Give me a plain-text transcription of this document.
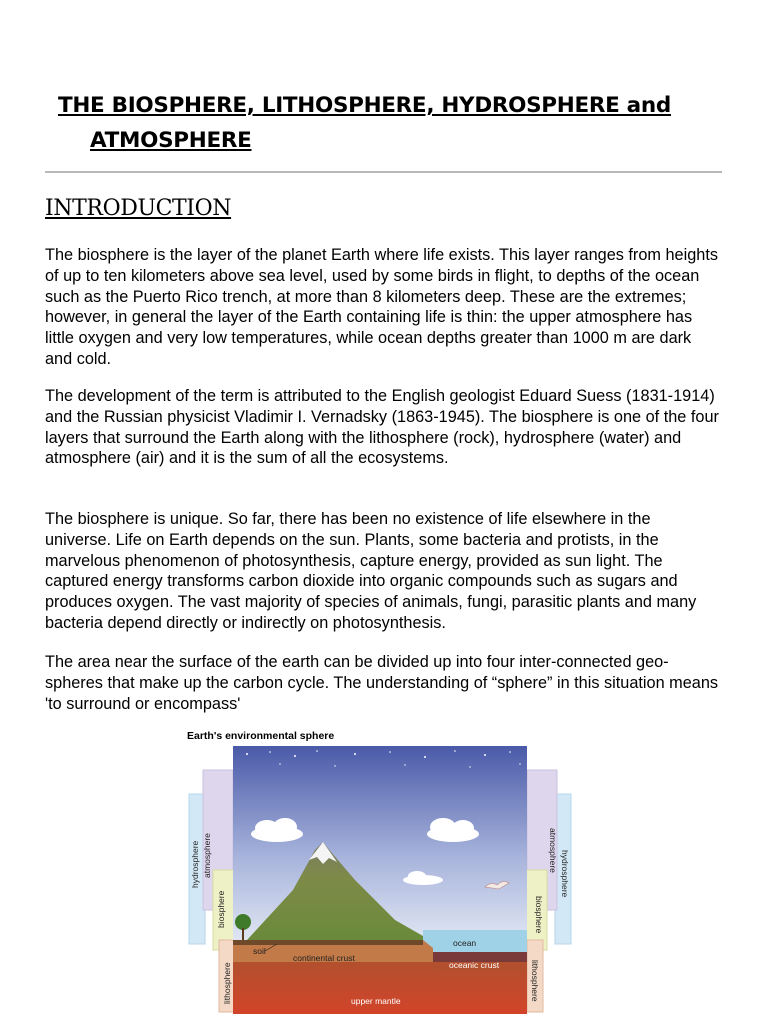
THE BIOSPHERE, LITHOSPHERE, HYDROSPHERE and
ATMOSPHERE
INTRODUCTION

The biosphere is the layer of the planet Earth where life exists. This layer ranges from heights of up to ten kilometers above sea level, used by some birds in flight, to depths of the ocean such as the Puerto Rico trench, at more than 8 kilometers deep. These are the extremes; however, in general the layer of the Earth containing life is thin: the upper atmosphere has little oxygen and very low temperatures, while ocean depths greater than 1000 m are dark and cold.

The development of the term is attributed to the English geologist Eduard Suess (1831-1914) and the Russian physicist Vladimir I. Vernadsky (1863-1945). The biosphere is one of the four layers that surround the Earth along with the lithosphere (rock), hydrosphere (water) and atmosphere (air) and it is the sum of all the ecosystems.

The biosphere is unique. So far, there has been no existence of life elsewhere in the universe. Life on Earth depends on the sun. Plants, some bacteria and protists, in the marvelous phenomenon of photosynthesis, capture energy, provided as sun light. The captured energy transforms carbon dioxide into organic compounds such as sugars and produces oxygen. The vast majority of species of animals, fungi, parasitic plants and many bacteria depend directly or indirectly on photosynthesis.

The area near the surface of the earth can be divided up into four inter-connected geo-spheres that make up the carbon cycle. The understanding of “sphere” in this situation means 'to surround or encompass'

Earth's environmental sphere
hydrosphere atmosphere
biosphere
lithosphere
hydrosphere
atmosphere
biosphere
lithosphere
soil
continental crust
ocean
oceanic crust
upper mantle
